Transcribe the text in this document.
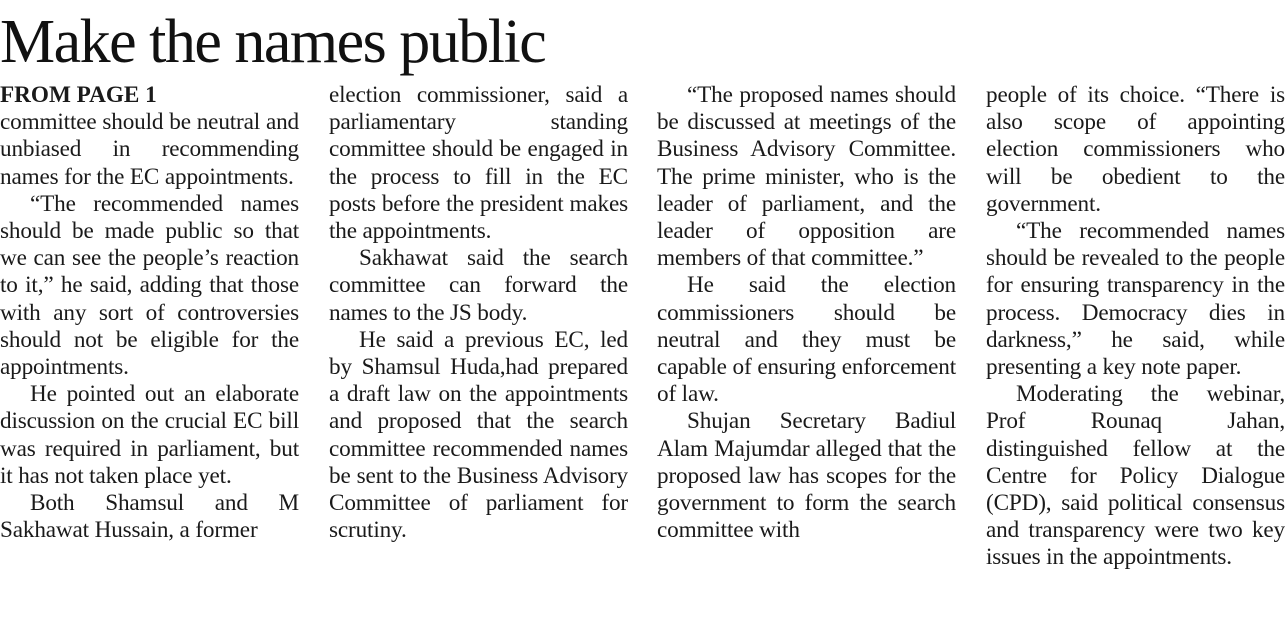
Make the names public
FROM PAGE 1

committee should be neutral and unbiased in recommending names for the EC appointments.

“The recommended names should be made public so that we can see the people’s reaction to it,” he said, adding that those with any sort of controversies should not be eligible for the appointments.

He pointed out an elaborate discussion on the crucial EC bill was required in parliament, but it has not taken place yet.

Both Shamsul and M Sakhawat Hussain, a former

election commissioner, said a parliamentary standing committee should be engaged in the process to fill in the EC posts before the president makes the appointments.

Sakhawat said the search committee can forward the names to the JS body.

He said a previous EC, led by Shamsul Huda,had prepared a draft law on the appointments and proposed that the search committee recommended names be sent to the Business Advisory Committee of parliament for scrutiny.

“The proposed names should be discussed at meetings of the Business Advisory Committee. The prime minister, who is the leader of parliament, and the leader of opposition are members of that committee.”

He said the election commissioners should be neutral and they must be capable of ensuring enforcement of law.

Shujan Secretary Badiul Alam Majumdar alleged that the proposed law has scopes for the government to form the search committee with

people of its choice. “There is also scope of appointing election commissioners who will be obedient to the government.

“The recommended names should be revealed to the people for ensuring transparency in the process. Democracy dies in darkness,” he said, while presenting a key note paper.

Moderating the webinar, Prof Rounaq Jahan, distinguished fellow at the Centre for Policy Dialogue (CPD), said political consensus and transparency were two key issues in the appointments.
